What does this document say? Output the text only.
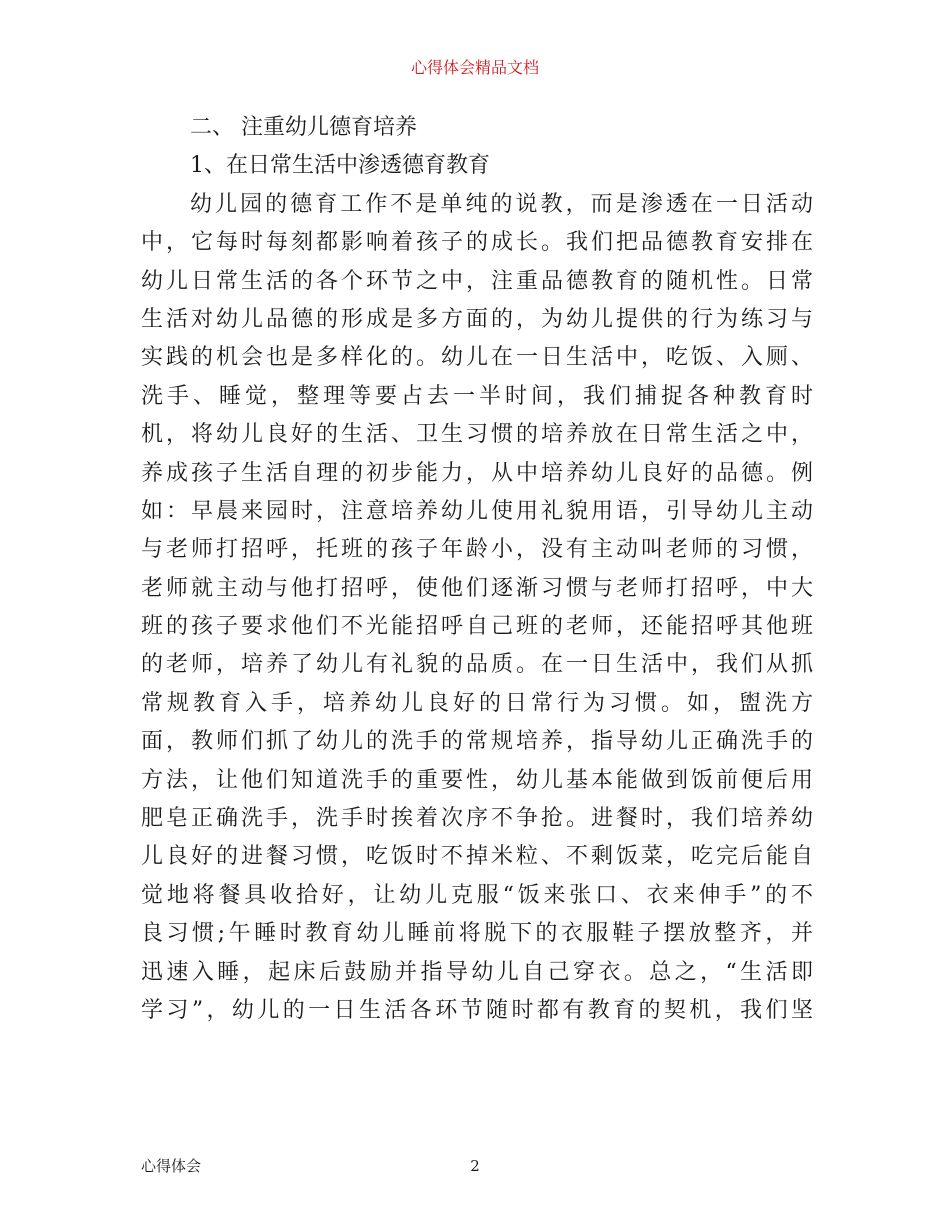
心得体会精品文档
二、 注重幼儿德育培养
1、在日常生活中渗透德育教育
幼儿园的德育工作不是单纯的说教，而是渗透在一日活动
中，它每时每刻都影响着孩子的成长。我们把品德教育安排在
幼儿日常生活的各个环节之中，注重品德教育的随机性。日常
生活对幼儿品德的形成是多方面的，为幼儿提供的行为练习与
实践的机会也是多样化的。幼儿在一日生活中，吃饭、入厕、
洗手、睡觉，整理等要占去一半时间，我们捕捉各种教育时
机，将幼儿良好的生活、卫生习惯的培养放在日常生活之中，
养成孩子生活自理的初步能力，从中培养幼儿良好的品德。例
如：早晨来园时，注意培养幼儿使用礼貌用语，引导幼儿主动
与老师打招呼，托班的孩子年龄小，没有主动叫老师的习惯，
老师就主动与他打招呼，使他们逐渐习惯与老师打招呼，中大
班的孩子要求他们不光能招呼自己班的老师，还能招呼其他班
的老师，培养了幼儿有礼貌的品质。在一日生活中，我们从抓
常规教育入手，培养幼儿良好的日常行为习惯。如，盥洗方
面，教师们抓了幼儿的洗手的常规培养，指导幼儿正确洗手的
方法，让他们知道洗手的重要性，幼儿基本能做到饭前便后用
肥皂正确洗手，洗手时挨着次序不争抢。进餐时，我们培养幼
儿良好的进餐习惯，吃饭时不掉米粒、不剩饭菜，吃完后能自
觉地将餐具收拾好，让幼儿克服“饭来张口、衣来伸手”的不
良习惯;午睡时教育幼儿睡前将脱下的衣服鞋子摆放整齐，并
迅速入睡，起床后鼓励并指导幼儿自己穿衣。总之，“生活即
学习”，幼儿的一日生活各环节随时都有教育的契机，我们坚
心得体会	2
